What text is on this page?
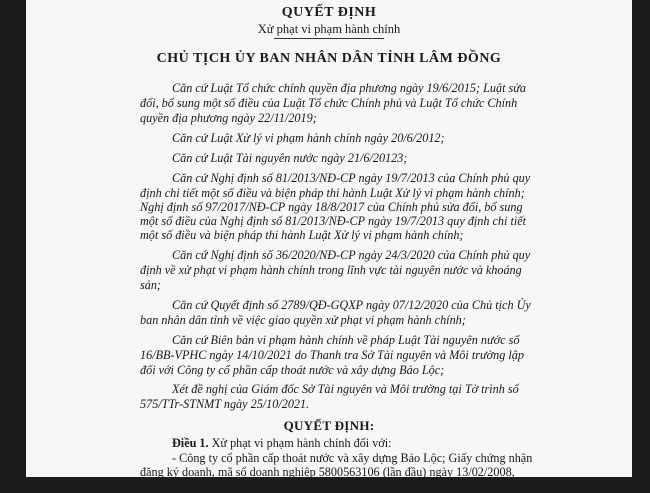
QUYẾT ĐỊNH
Xử phạt vi phạm hành chính
CHỦ TỊCH ỦY BAN NHÂN DÂN TỈNH LÂM ĐỒNG
Căn cứ Luật Tổ chức chính quyền địa phương ngày 19/6/2015; Luật sửa
đổi, bổ sung một số điều của Luật Tổ chức Chính phủ và Luật Tổ chức Chính
quyền địa phương ngày 22/11/2019;
Căn cứ Luật Xử lý vi phạm hành chính ngày 20/6/2012;
Căn cứ Luật Tài nguyên nước ngày 21/6/20123;
Căn cứ Nghị định số 81/2013/NĐ-CP ngày 19/7/2013 của Chính phủ quy
định chi tiết một số điều và biện pháp thi hành Luật Xử lý vi phạm hành chính;
Nghị định số 97/2017/NĐ-CP ngày 18/8/2017 của Chính phủ sửa đổi, bổ sung
một số điều của Nghị định số 81/2013/NĐ-CP ngày 19/7/2013 quy định chi tiết
một số điều và biện pháp thi hành Luật Xử lý vi phạm hành chính;
Căn cứ Nghị định số 36/2020/NĐ-CP ngày 24/3/2020 của Chính phủ quy
định về xử phạt vi phạm hành chính trong lĩnh vực tài nguyên nước và khoáng
sản;
Căn cứ Quyết định số 2789/QĐ-GQXP ngày 07/12/2020 của Chủ tịch Ủy
ban nhân dân tỉnh về việc giao quyền xử phạt vi phạm hành chính;
Căn cứ Biên bản vi phạm hành chính về pháp Luật Tài nguyên nước số
16/BB-VPHC ngày 14/10/2021 do Thanh tra Sở Tài nguyên và Môi trường lập
đối với Công ty cổ phần cấp thoát nước và xây dựng Bảo Lộc;
Xét đề nghị của Giám đốc Sở Tài nguyên và Môi trường tại Tờ trình số
575/TTr-STNMT ngày 25/10/2021.
QUYẾT ĐỊNH:
Điều 1. Xử phạt vi phạm hành chính đối với:
- Công ty cổ phần cấp thoát nước và xây dựng Bảo Lộc; Giấy chứng nhận
đăng ký doanh, mã số doanh nghiệp 5800563106 (lần đầu) ngày 13/02/2008,
đăng ký thay đổi lần thứ 3 ngày 06/12/2016;
